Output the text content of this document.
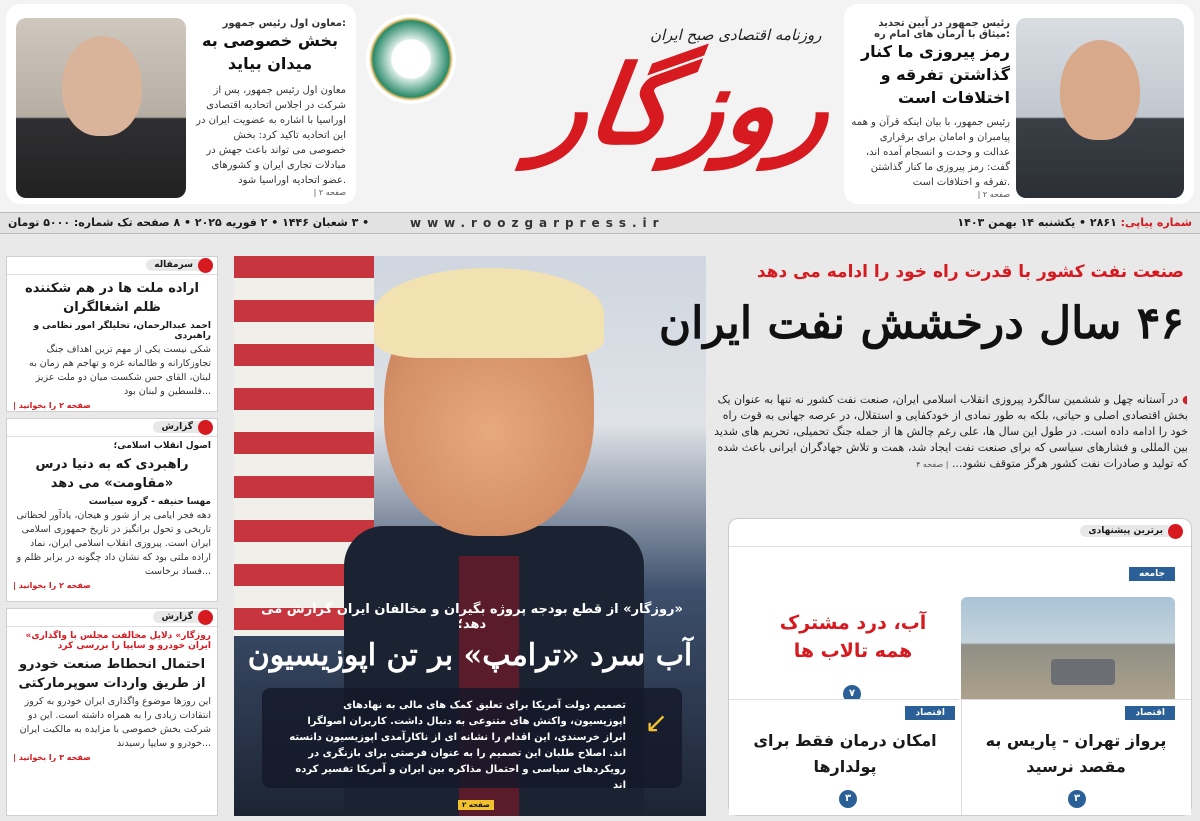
رئیس جمهور در آیین تجدید میثاق با آرمان های امام ره:
رمز پیروزی ما کنار گذاشتن تفرقه و اختلافات است
رئیس جمهور، با بیان اینکه قرآن و همه پیامبران و امامان برای برقراری عدالت و وحدت و انسجام آمده اند، گفت: رمز پیروزی ما کنار گذاشتن تفرقه و اختلافات است.
| صفحه ۲
روزنامه اقتصادی صبح ایران
روزگار
معاون اول رئیس جمهور:
بخش خصوصی به میدان بیاید
معاون اول رئیس جمهور، پس از شرکت در اجلاس اتحادیه اقتصادی اوراسیا با اشاره به عضویت ایران در این اتحادیه تاکید کرد: بخش خصوصی می تواند باعث جهش در مبادلات تجاری ایران و کشورهای عضو اتحادیه اوراسیا شود.
| صفحه ۲
شماره پیاپی: ۲۸۶۱ • یکشنبه ۱۴ بهمن ۱۴۰۳
www.roozgarpress.ir
• ۳ شعبان ۱۴۴۶ • ۲ فوریه ۲۰۲۵ • ۸ صفحه تک شماره: ۵۰۰۰ تومان
سرمقاله
اراده ملت ها در هم شکننده ظلم اشغالگران
احمد عبدالرحمان، تحلیلگر امور نظامی و راهبردی
شکی نیست یکی از مهم ترین اهداف جنگ تجاوزکارانه و ظالمانه غزه و تهاجم هم زمان به لبنان، القای حس شکست میان دو ملت عزیز فلسطین و لبنان بود...
| صفحه ۲ را بخوانید
گزارش
اصول انقلاب اسلامی؛
راهبردی که به دنیا درس «مقاومت» می دهد
مهسا حنیفه - گروه سیاست
دهه فجر ایامی پر از شور و هیجان، یادآور لحظاتی تاریخی و تحول برانگیز در تاریخ جمهوری اسلامی ایران است. پیروزی انقلاب اسلامی ایران، نماد اراده ملتی بود که نشان داد چگونه در برابر ظلم و فساد برخاست...
| صفحه ۲ را بخوانید
گزارش
«روزگار» دلایل مخالفت مجلس با واگذاری ایران خودرو و سایپا را بررسی کرد
احتمال انحطاط صنعت خودرو از طریق واردات سوپرمارکتی
این روزها موضوع واگذاری ایران خودرو به کروز انتقادات زیادی را به همراه داشته است. این دو شرکت بخش خصوصی با مزایده به مالکیت ایران خودرو و سایپا رسیدند...
| صفحه ۳ را بخوانید
«روزگار» از قطع بودجه پروژه بگیران و مخالفان ایران گزارش می دهد؛
آب سرد «ترامپ» بر تن اپوزیسیون
تصمیم دولت آمریکا برای تعلیق کمک های مالی به نهادهای اپوزیسیون، واکنش های متنوعی به دنبال داشت. کاربران اصولگرا ابراز خرسندی، این اقدام را نشانه ای از ناکارآمدی اپوزیسیون دانسته اند. اصلاح طلبان این تصمیم را به عنوان فرصتی برای بازنگری در رویکردهای سیاسی و احتمال مذاکره بین ایران و آمریکا تفسیر کرده اند
↙
صفحه ۲
صنعت نفت کشور با قدرت راه خود را ادامه می دهد
۴۶ سال درخشش نفت ایران
◖ در آستانه چهل و ششمین سالگرد پیروزی انقلاب اسلامی ایران، صنعت نفت کشور نه تنها به عنوان یک بخش اقتصادی اصلی و حیاتی، بلکه به طور نمادی از خودکفایی و استقلال، در عرصه جهانی به قوت راه خود را ادامه داده است. در طول این سال ها، علی رغم چالش ها از جمله جنگ تحمیلی، تحریم های شدید بین المللی و فشارهای سیاسی که برای صنعت نفت ایجاد شد، همت و تلاش جهادگران ایرانی باعث شده که تولید و صادرات نفت کشور هرگز متوقف نشود... | صفحه ۴
برترین پیشنهادی
جامعه
آب، درد مشترک همه تالاب ها
۷
اقتصاد
پرواز تهران - پاریس به مقصد نرسید
۳
اقتصاد
امکان درمان فقط برای پولدارها
۳
